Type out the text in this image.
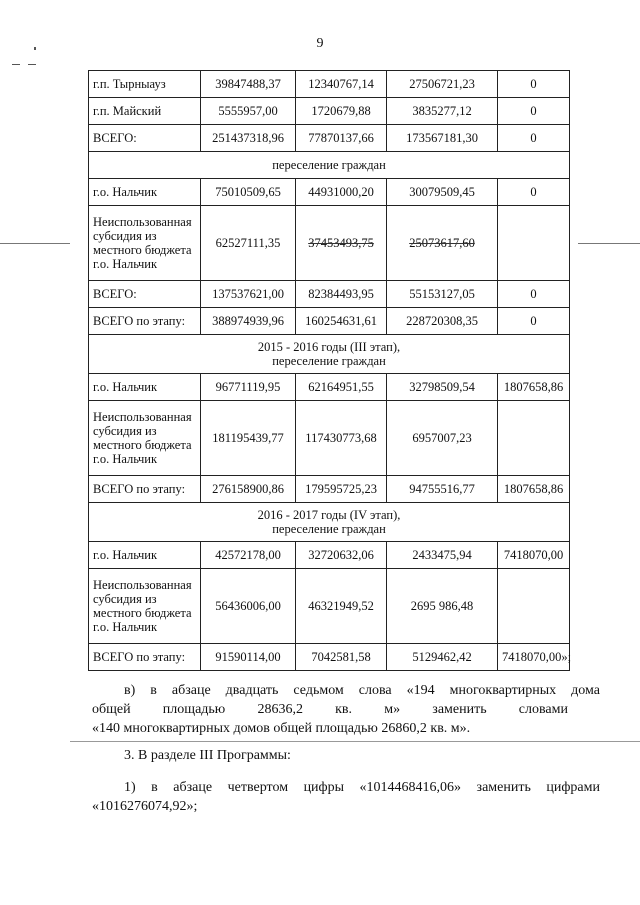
9
г.п. Тырныауз	39847488,37	12340767,14	27506721,23	0
г.п. Майский	5555957,00	1720679,88	3835277,12	0
ВСЕГО:	251437318,96	77870137,66	173567181,30	0

переселение граждан				

г.о. Нальчик	75010509,65	44931000,20	30079509,45	0
Неиспользованная субсидия из местного бюджета г.о. Нальчик	62527111,35	37453493,75	25073617,60	
ВСЕГО:	137537621,00	82384493,95	55153127,05	0
ВСЕГО по этапу:	388974939,96	160254631,61	228720308,35	0

2015 - 2016 годы (III этап),
переселение граждан				

г.о. Нальчик	96771119,95	62164951,55	32798509,54	1807658,86
Неиспользованная субсидия из местного бюджета г.о. Нальчик	181195439,77	117430773,68	6957007,23	
ВСЕГО по этапу:	276158900,86	179595725,23	94755516,77	1807658,86

2016 - 2017 годы (IV этап),
переселение граждан				

г.о. Нальчик	42572178,00	32720632,06	2433475,94	7418070,00
Неиспользованная субсидия из местного бюджета г.о. Нальчик	56436006,00	46321949,52	2695 986,48	
ВСЕГО по этапу:	91590114,00	7042581,58	5129462,42	7418070,00»;
в) в абзаце двадцать седьмом слова «194 многоквартирных дома
общей площадью 28636,2 кв. м» заменить словами
«140 многоквартирных домов общей площадью 26860,2 кв. м».
3. В разделе III Программы:
1) в абзаце четвертом цифры «1014468416,06» заменить цифрами
«1016276074,92»;
